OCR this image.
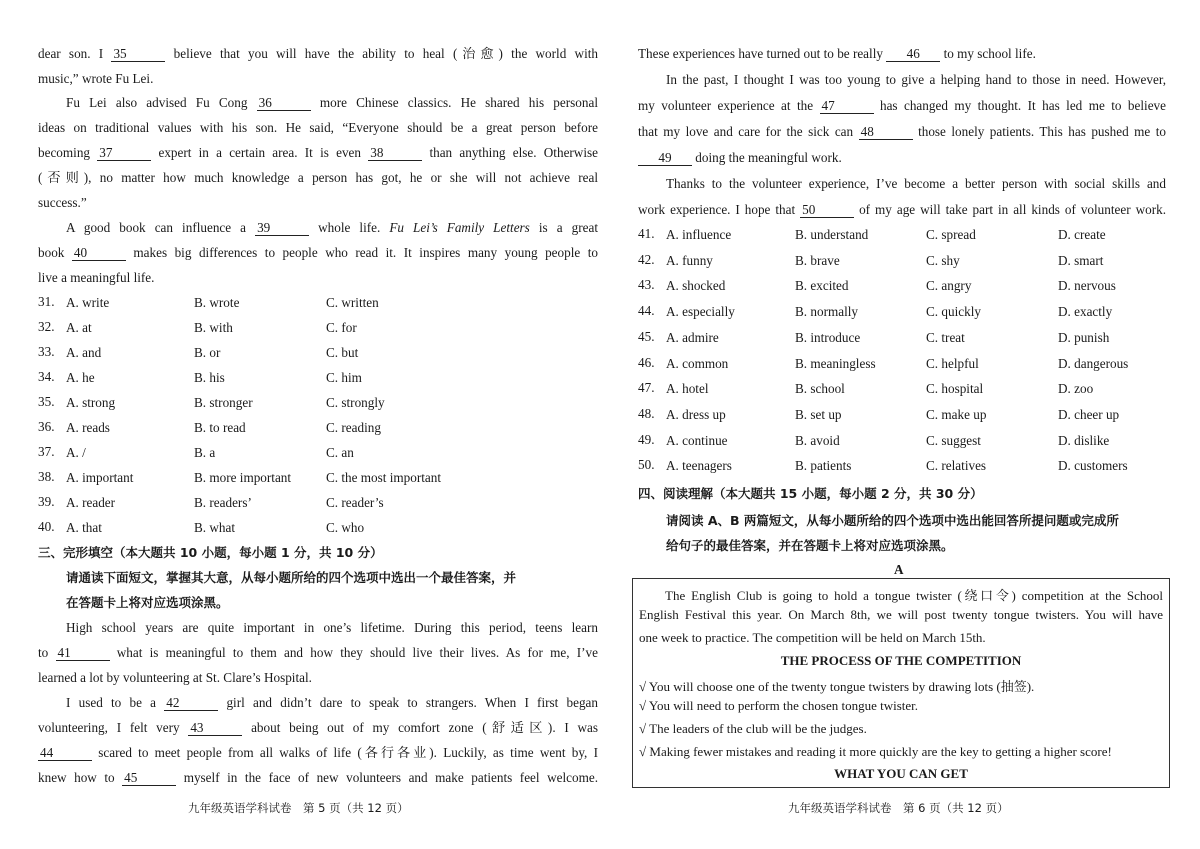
dear son. I 35	believe that you will have the ability to heal (治愈) the world with
music,” wrote Fu Lei.
Fu Lei also advised Fu Cong 36	more Chinese classics. He shared his personal
ideas on traditional values with his son. He said, “Everyone should be a great person before
becoming 37	expert in a certain area. It is even 38	than anything else. Otherwise
(否则), no matter how much knowledge a person has got, he or she will not achieve real
success.”
A good book can influence a 39	whole life. Fu Lei’s Family Letters is a great
book 40	makes big differences to people who read it. It inspires many young people to
live a meaningful life.
31. A. write	B. wrote	C. written
32. A. at	B. with	C. for
33. A. and	B. or	C. but
34. A. he	B. his	C. him
35. A. strong	B. stronger	C. strongly
36. A. reads	B. to read	C. reading
37. A. /	B. a	C. an
38. A. important	B. more important	C. the most important
39. A. reader	B. readers’	C. reader’s
40. A. that	B. what	C. who
三、完形填空（本大题共 10 小题，每小题 1 分，共 10 分）
请通读下面短文，掌握其大意，从每小题所给的四个选项中选出一个最佳答案，并
在答题卡上将对应选项涂黑。
High school years are quite important in one’s lifetime. During this period, teens learn
to 41	what is meaningful to them and how they should live their lives. As for me, I’ve
learned a lot by volunteering at St. Clare’s Hospital.
I used to be a 42	girl and didn’t dare to speak to strangers. When I first began
volunteering, I felt very 43	about being out of my comfort zone (舒适区). I was
44	scared to meet people from all walks of life (各行各业). Luckily, as time went by, I
knew how to 45	myself in the face of new volunteers and make patients feel welcome.
九年级英语学科试卷　第 5 页（共 12 页）
These experiences have turned out to be really 46 to my school life.
In the past, I thought I was too young to give a helping hand to those in need. However,
my volunteer experience at the 47	has changed my thought. It has led me to believe
that my love and care for the sick can 48	those lonely patients. This has pushed me to
49 doing the meaningful work.
Thanks to the volunteer experience, I’ve become a better person with social skills and
work experience. I hope that 50	of my age will take part in all kinds of volunteer work.
41. A. influence	B. understand	C. spread	D. create
42. A. funny	B. brave	C. shy	D. smart
43. A. shocked	B. excited	C. angry	D. nervous
44. A. especially	B. normally	C. quickly	D. exactly
45. A. admire	B. introduce	C. treat	D. punish
46. A. common	B. meaningless	C. helpful	D. dangerous
47. A. hotel	B. school	C. hospital	D. zoo
48. A. dress up	B. set up	C. make up	D. cheer up
49. A. continue	B. avoid	C. suggest	D. dislike
50. A. teenagers	B. patients	C. relatives	D. customers
四、阅读理解（本大题共 15 小题，每小题 2 分，共 30 分）
请阅读 A、B 两篇短文，从每小题所给的四个选项中选出能回答所提问题或完成所
给句子的最佳答案，并在答题卡上将对应选项涂黑。
A
The English Club is going to hold a tongue twister (绕口令) competition at the School
English Festival this year. On March 8th, we will post twenty tongue twisters. You will have
one week to practice. The competition will be held on March 15th.
THE PROCESS OF THE COMPETITION
√ You will choose one of the twenty tongue twisters by drawing lots (抽签).
√ You will need to perform the chosen tongue twister.
√ The leaders of the club will be the judges.
√ Making fewer mistakes and reading it more quickly are the key to getting a higher score!
WHAT YOU CAN GET
九年级英语学科试卷　第 6 页（共 12 页）
